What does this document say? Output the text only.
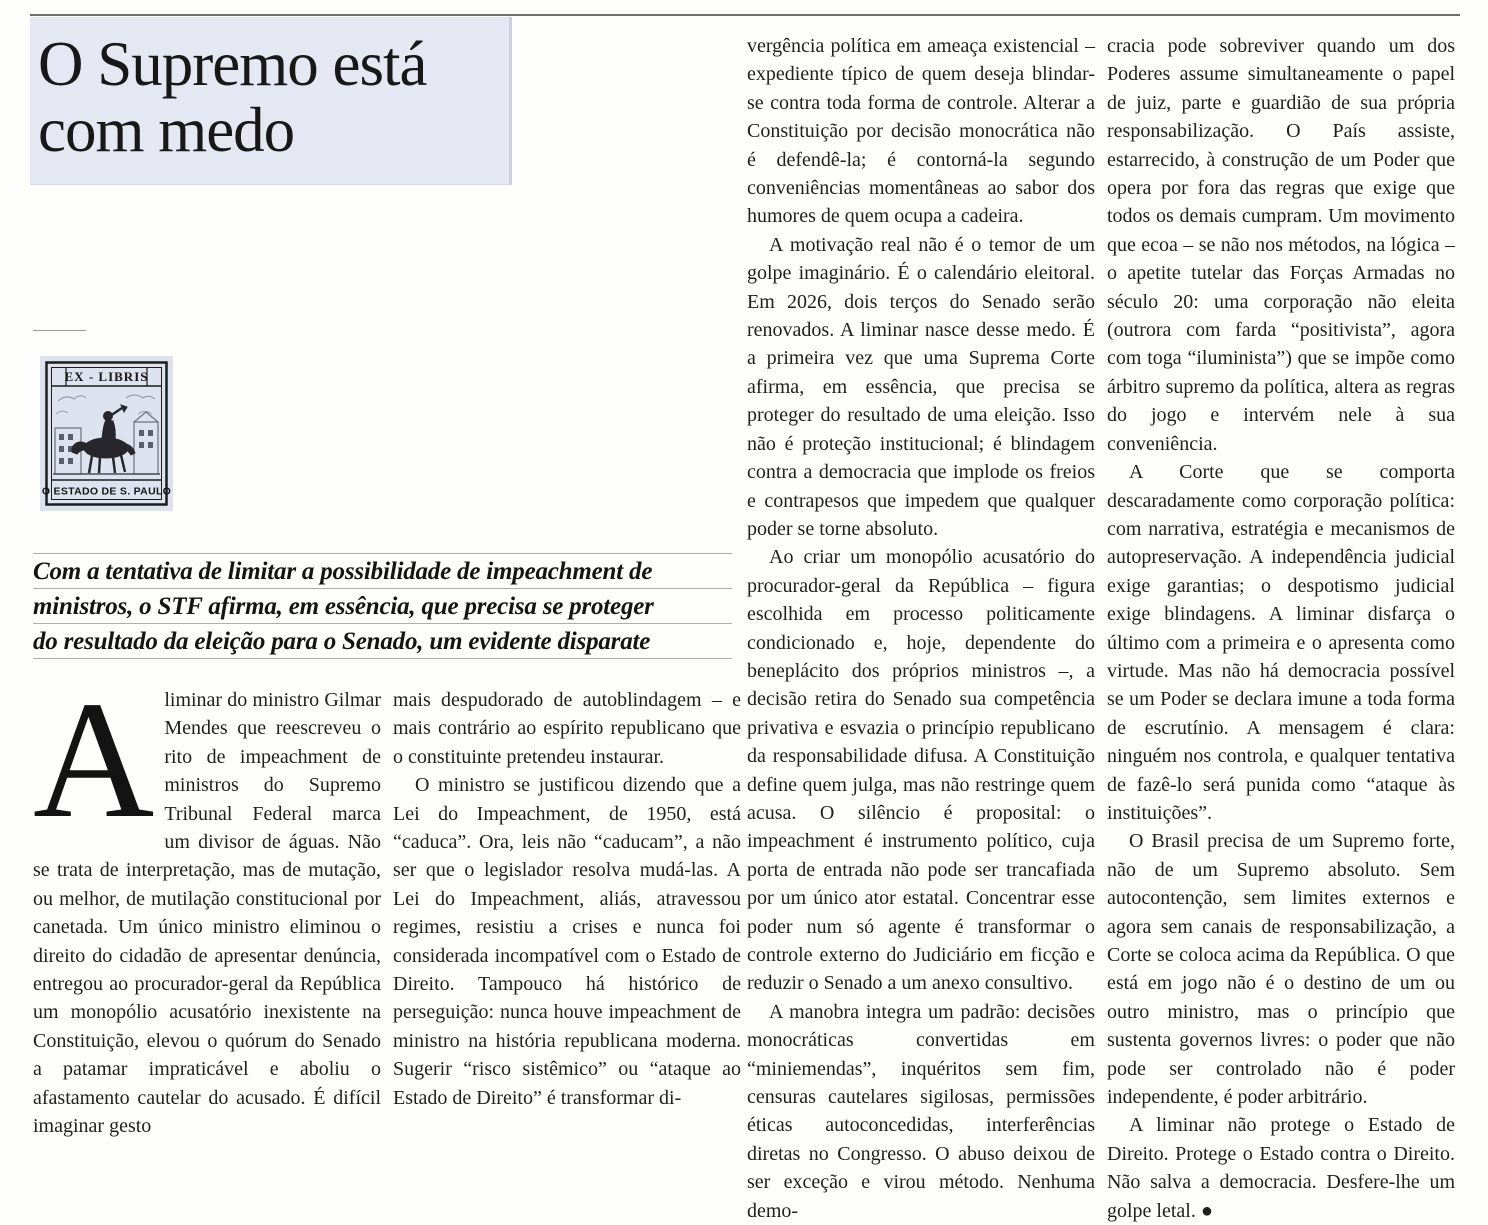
O Supremo está
com medo
EX - LIBRIS
O ESTADO DE S. PAULO
Com a tentativa de limitar a possibilidade de impeachment de
ministros, o STF afirma, em essência, que precisa se proteger
do resultado da eleição para o Senado, um evidente disparate

Aliminar do ministro Gilmar Mendes que reescreveu o rito de impeachment de ministros do Supremo Tribunal Federal marca um divisor de águas. Não se trata de interpretação, mas de mutação, ou melhor, de mutilação constitucional por canetada. Um único ministro eliminou o direito do cidadão de apresentar denúncia, entregou ao procurador-geral da República um monopólio acusatório inexistente na Constituição, elevou o quórum do Senado a patamar impraticável e aboliu o afastamento cautelar do acusado. É difícil imaginar gesto

mais despudorado de autoblindagem – e mais contrário ao espírito republicano que o constituinte pretendeu instaurar.

O ministro se justificou dizendo que a Lei do Impeachment, de 1950, está “caduca”. Ora, leis não “caducam”, a não ser que o legislador resolva mudá-las. A Lei do Impeachment, aliás, atravessou regimes, resistiu a crises e nunca foi considerada incompatível com o Estado de Direito. Tampouco há histórico de perseguição: nunca houve impeachment de ministro na história republicana moderna. Sugerir “risco sistêmico” ou “ataque ao Estado de Direito” é transformar di-

vergência política em ameaça existencial – expediente típico de quem deseja blindar-se contra toda forma de controle. Alterar a Constituição por decisão monocrática não é defendê-la; é contorná-la segundo conveniências momentâneas ao sabor dos humores de quem ocupa a cadeira.

A motivação real não é o temor de um golpe imaginário. É o calendário eleitoral. Em 2026, dois terços do Senado serão renovados. A liminar nasce desse medo. É a primeira vez que uma Suprema Corte afirma, em essência, que precisa se proteger do resultado de uma eleição. Isso não é proteção institucional; é blindagem contra a democracia que implode os freios e contrapesos que impedem que qualquer poder se torne absoluto.

Ao criar um monopólio acusatório do procurador-geral da República – figura escolhida em processo politicamente condicionado e, hoje, dependente do beneplácito dos próprios ministros –, a decisão retira do Senado sua competência privativa e esvazia o princípio republicano da responsabilidade difusa. A Constituição define quem julga, mas não restringe quem acusa. O silêncio é proposital: o impeachment é instrumento político, cuja porta de entrada não pode ser trancafiada por um único ator estatal. Concentrar esse poder num só agente é transformar o controle externo do Judiciário em ficção e reduzir o Senado a um anexo consultivo.

A manobra integra um padrão: decisões monocráticas convertidas em “miniemendas”, inquéritos sem fim, censuras cautelares sigilosas, permissões éticas autoconcedidas, interferências diretas no Congresso. O abuso deixou de ser exceção e virou método. Nenhuma demo-

cracia pode sobreviver quando um dos Poderes assume simultaneamente o papel de juiz, parte e guardião de sua própria responsabilização. O País assiste, estarrecido, à construção de um Poder que opera por fora das regras que exige que todos os demais cumpram. Um movimento que ecoa – se não nos métodos, na lógica – o apetite tutelar das Forças Armadas no século 20: uma corporação não eleita (outrora com farda “positivista”, agora com toga “iluminista”) que se impõe como árbitro supremo da política, altera as regras do jogo e intervém nele à sua conveniência.

A Corte que se comporta descaradamente como corporação política: com narrativa, estratégia e mecanismos de autopreservação. A independência judicial exige garantias; o despotismo judicial exige blindagens. A liminar disfarça o último com a primeira e o apresenta como virtude. Mas não há democracia possível se um Poder se declara imune a toda forma de escrutínio. A mensagem é clara: ninguém nos controla, e qualquer tentativa de fazê-lo será punida como “ataque às instituições”.

O Brasil precisa de um Supremo forte, não de um Supremo absoluto. Sem autocontenção, sem limites externos e agora sem canais de responsabilização, a Corte se coloca acima da República. O que está em jogo não é o destino de um ou outro ministro, mas o princípio que sustenta governos livres: o poder que não pode ser controlado não é poder independente, é poder arbitrário.

A liminar não protege o Estado de Direito. Protege o Estado contra o Direito. Não salva a democracia. Desfere-lhe um golpe letal. ●
